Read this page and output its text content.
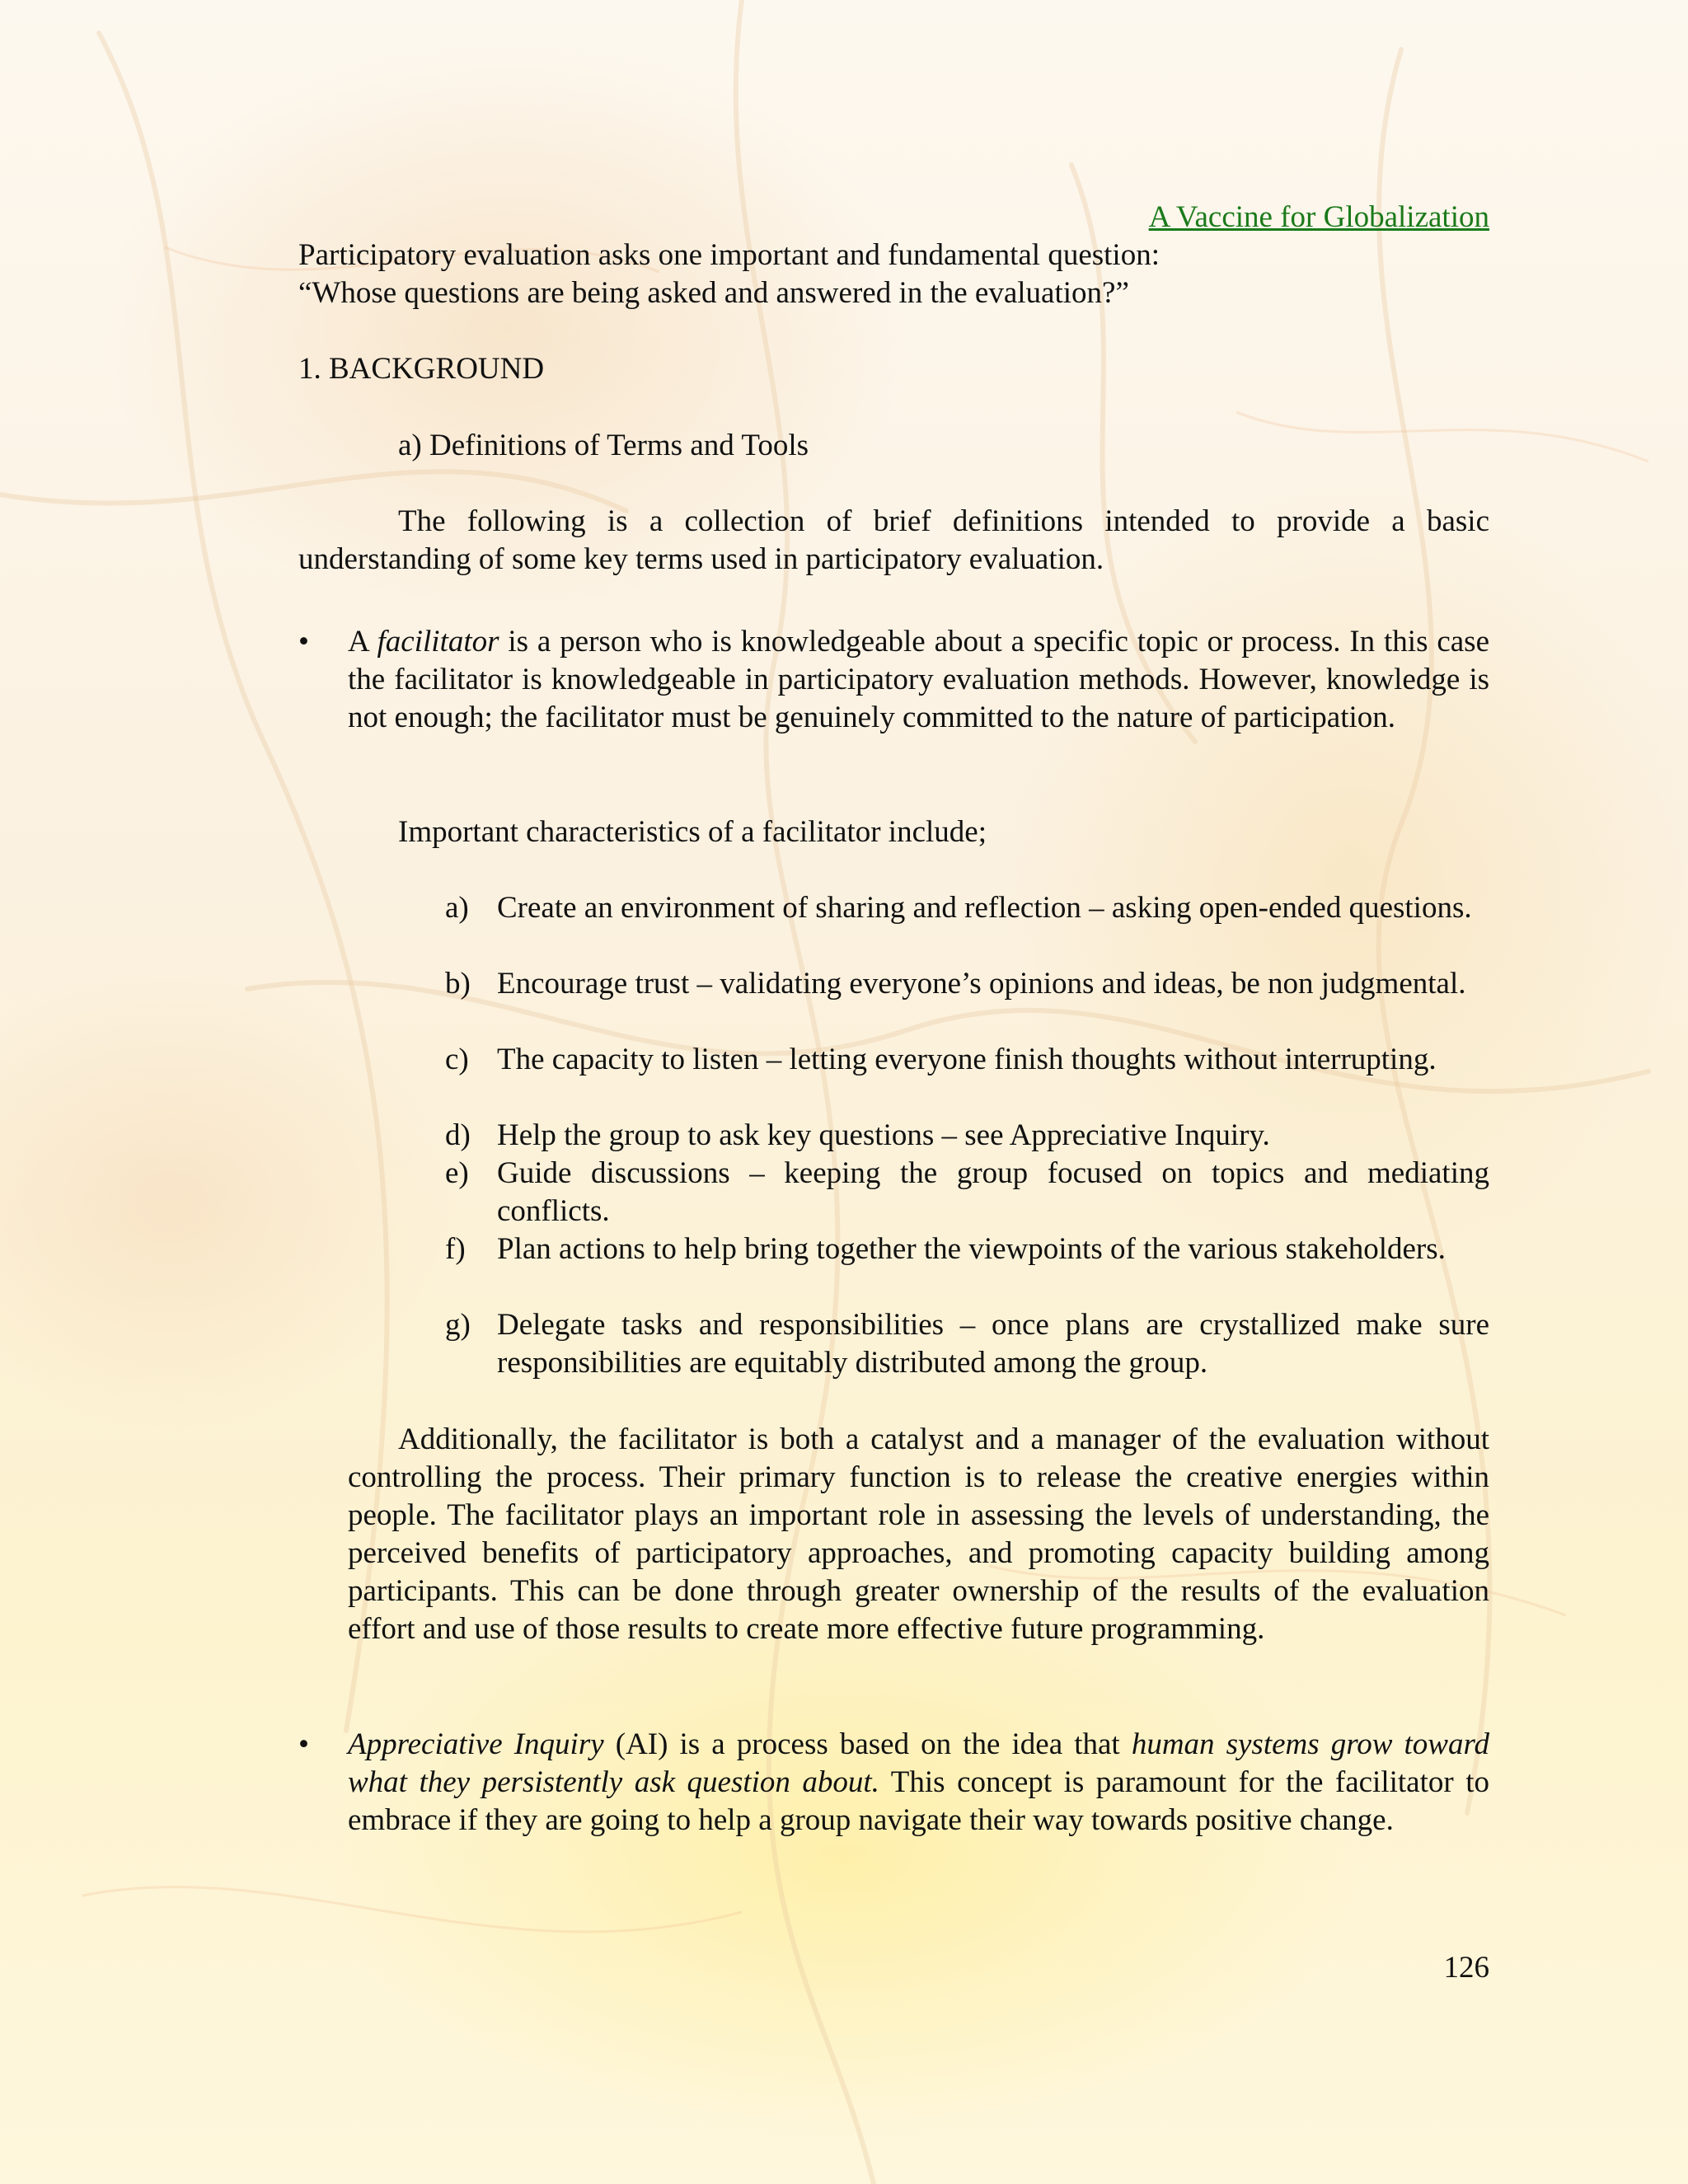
A Vaccine for Globalization
Participatory evaluation asks one important and fundamental question:
“Whose questions are being asked and answered in the evaluation?”
1. BACKGROUND
a) Definitions of Terms and Tools
The following is a collection of brief definitions intended to provide a basic understanding of some key terms used in participatory evaluation.
• A facilitator is a person who is knowledgeable about a specific topic or process. In this case the facilitator is knowledgeable in participatory evaluation methods. However, knowledge is not enough; the facilitator must be genuinely committed to the nature of participation.
Important characteristics of a facilitator include;
a) Create an environment of sharing and reflection – asking open-ended questions.
b) Encourage trust – validating everyone’s opinions and ideas, be non judgmental.
c) The capacity to listen – letting everyone finish thoughts without interrupting.
d) Help the group to ask key questions – see Appreciative Inquiry.
e) Guide discussions – keeping the group focused on topics and mediating conflicts.
f) Plan actions to help bring together the viewpoints of the various stakeholders.
g) Delegate tasks and responsibilities – once plans are crystallized make sure responsibilities are equitably distributed among the group.
Additionally, the facilitator is both a catalyst and a manager of the evaluation without controlling the process. Their primary function is to release the creative energies within people. The facilitator plays an important role in assessing the levels of understanding, the perceived benefits of participatory approaches, and promoting capacity building among participants. This can be done through greater ownership of the results of the evaluation effort and use of those results to create more effective future programming.
• Appreciative Inquiry (AI) is a process based on the idea that human systems grow toward what they persistently ask question about. This concept is paramount for the facilitator to embrace if they are going to help a group navigate their way towards positive change.
126
